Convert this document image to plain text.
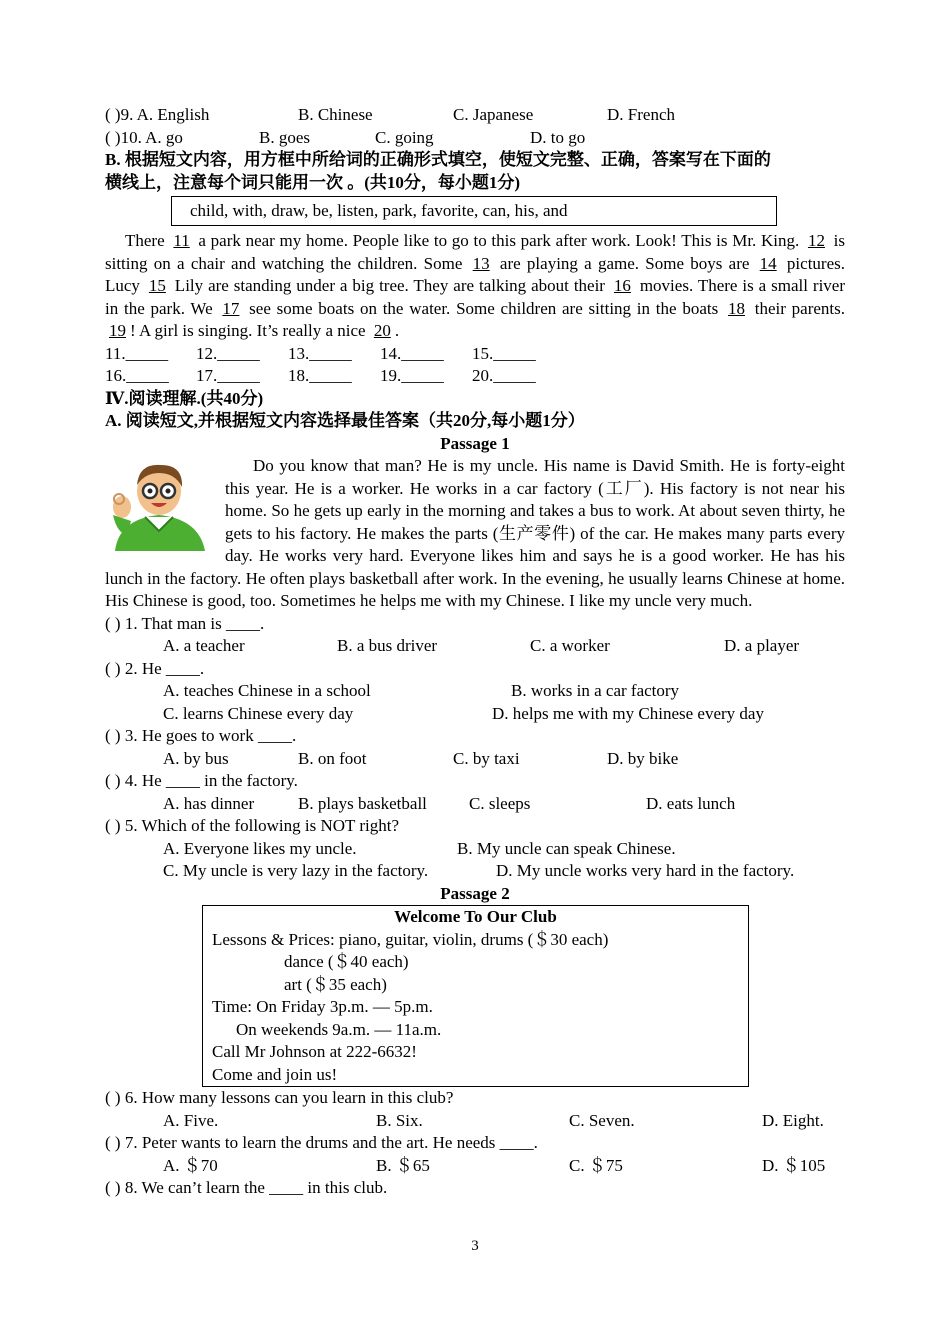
( )9. A. English	B. Chinese	C. Japanese	D. French
( )10. A. go	B. goes	C. going	D. to go
B. 根据短文内容，用方框中所给词的正确形式填空，使短文完整、正确，答案写在下面的
横线上，注意每个词只能用一次 。(共10分，每小题1分)
child, with, draw, be, listen, park, favorite, can, his, and
There 11 a park near my home. People like to go to this park after work. Look! This is Mr. King. 12 is sitting on a chair and watching the children. Some 13 are playing a game. Some boys are 14 pictures. Lucy 15 Lily are standing under a big tree. They are talking about their 16 movies. There is a small river in the park. We 17 see some boats on the water. Some children are sitting in the boats 18 their parents. 19 ! A girl is singing. It’s really a nice 20 .
11._____ 12._____ 13._____ 14._____ 15._____
16._____ 17._____ 18._____ 19._____ 20._____
Ⅳ.阅读理解.(共40分)
A. 阅读短文,并根据短文内容选择最佳答案（共20分,每小题1分）
Passage 1

Do you know that man? He is my uncle. His name is David Smith. He is forty-eight this year. He is a worker. He works in a car factory (工厂). His factory is not near his home. So he gets up early in the morning and takes a bus to work. At about seven thirty, he gets to his factory. He makes the parts (生产零件) of the car. He makes many parts every day. He works very hard. Everyone likes him and says he is a good worker. He has his lunch in the factory. He often plays basketball after work. In the evening, he usually learns Chinese at home. His Chinese is good, too. Sometimes he helps me with my Chinese. I like my uncle very much.

( ) 1. That man is ____.
A. a teacher	B. a bus driver	C. a worker	D. a player
( ) 2. He ____.
A. teaches Chinese in a school	B. works in a car factory
C. learns Chinese every day	D. helps me with my Chinese every day
( ) 3. He goes to work ____.
A. by bus	B. on foot	C. by taxi	D. by bike
( ) 4. He ____ in the factory.
A. has dinner	B. plays basketball C. sleeps	D. eats lunch
( ) 5. Which of the following is NOT right?
A. Everyone likes my uncle.	B. My uncle can speak Chinese.
C. My uncle is very lazy in the factory.	D. My uncle works very hard in the factory.
Passage 2
Welcome To Our Club
Lessons & Prices: piano, guitar, violin, drums (＄30 each)
dance (＄40 each)
art (＄35 each)
Time: On Friday 3p.m. — 5p.m.
On weekends 9a.m. — 11a.m.
Call Mr Johnson at 222-6632!
Come and join us!
( ) 6. How many lessons can you learn in this club?
A. Five.	B. Six.	C. Seven.	D. Eight.
( ) 7. Peter wants to learn the drums and the art. He needs ____.
A. ＄70	B. ＄65	C. ＄75	D. ＄105
( ) 8. We can’t learn the ____ in this club.
3
